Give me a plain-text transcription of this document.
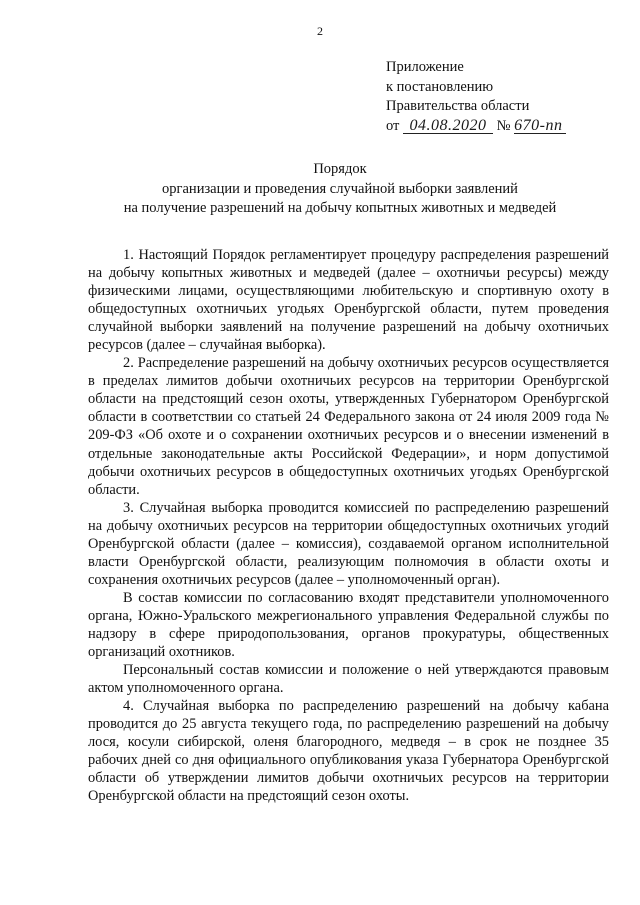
2
Приложение
к постановлению
Правительства области
от 04.08.2020 № 670-пп
Порядок
организации и проведения случайной выборки заявлений
на получение разрешений на добычу копытных животных и медведей

1. Настоящий Порядок регламентирует процедуру распределения разрешений на добычу копытных животных и медведей (далее – охотничьи ресурсы) между физическими лицами, осуществляющими любительскую и спортивную охоту в общедоступных охотничьих угодьях Оренбургской области, путем проведения случайной выборки заявлений на получение разрешений на добычу охотничьих ресурсов (далее – случайная выборка).

2. Распределение разрешений на добычу охотничьих ресурсов осуществляется в пределах лимитов добычи охотничьих ресурсов на территории Оренбургской области на предстоящий сезон охоты, утвержденных Губернатором Оренбургской области в соответствии со статьей 24 Федерального закона от 24 июля 2009 года № 209-ФЗ «Об охоте и о сохранении охотничьих ресурсов и о внесении изменений в отдельные законодательные акты Российской Федерации», и норм допустимой добычи охотничьих ресурсов в общедоступных охотничьих угодьях Оренбургской области.

3. Случайная выборка проводится комиссией по распределению разрешений на добычу охотничьих ресурсов на территории общедоступных охотничьих угодий Оренбургской области (далее – комиссия), создаваемой органом исполнительной власти Оренбургской области, реализующим полномочия в области охоты и сохранения охотничьих ресурсов (далее – уполномоченный орган).

В состав комиссии по согласованию входят представители уполномоченного органа, Южно-Уральского межрегионального управления Федеральной службы по надзору в сфере природопользования, органов прокуратуры, общественных организаций охотников.

Персональный состав комиссии и положение о ней утверждаются правовым актом уполномоченного органа.

4. Случайная выборка по распределению разрешений на добычу кабана проводится до 25 августа текущего года, по распределению разрешений на добычу лося, косули сибирской, оленя благородного, медведя – в срок не позднее 35 рабочих дней со дня официального опубликования указа Губернатора Оренбургской области об утверждении лимитов добычи охотничьих ресурсов на территории Оренбургской области на предстоящий сезон охоты.
